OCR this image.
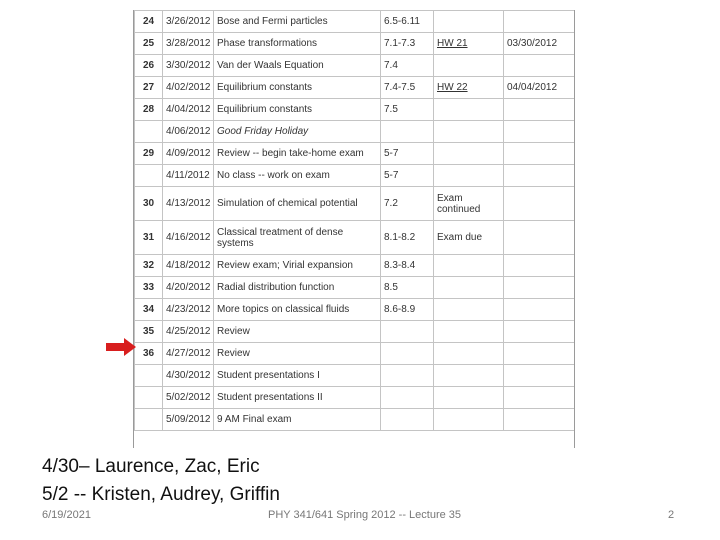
24	3/26/2012	Bose and Fermi particles	6.5-6.11		
25	3/28/2012	Phase transformations	7.1-7.3	HW 21	03/30/2012
26	3/30/2012	Van der Waals Equation	7.4		
27	4/02/2012	Equilibrium constants	7.4-7.5	HW 22	04/04/2012
28	4/04/2012	Equilibrium constants	7.5		
	4/06/2012	Good Friday Holiday			
29	4/09/2012	Review -- begin take-home exam	5-7		
	4/11/2012	No class -- work on exam	5-7		
30	4/13/2012	Simulation of chemical potential	7.2	Exam continued	
31	4/16/2012	Classical treatment of dense systems	8.1-8.2	Exam due	
32	4/18/2012	Review exam; Virial expansion	8.3-8.4		
33	4/20/2012	Radial distribution function	8.5		
34	4/23/2012	More topics on classical fluids	8.6-8.9		
35	4/25/2012	Review			
36	4/27/2012	Review			
	4/30/2012	Student presentations I			
	5/02/2012	Student presentations II			
	5/09/2012	9 AM Final exam			
4/30– Laurence, Zac, Eric
5/2 -- Kristen, Audrey, Griffin
6/19/2021	PHY 341/641 Spring 2012 -- Lecture 35	2
